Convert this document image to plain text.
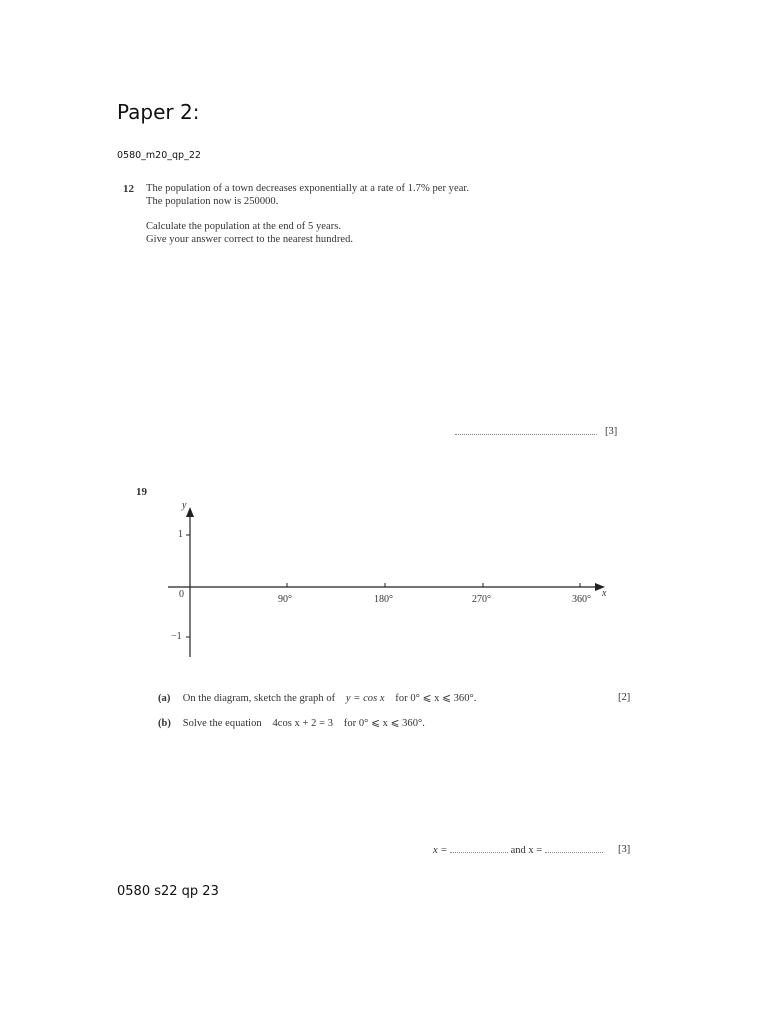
Paper 2:
0580_m20_qp_22
12 The population of a town decreases exponentially at a rate of 1.7% per year.
The population now is 250000.
Calculate the population at the end of 5 years.
Give your answer correct to the nearest hundred.
[3]
19
y
x
0
1
−1
90°	180°	270°	360°
(a) On the diagram, sketch the graph of y = cos x for 0° ⩽ x ⩽ 360°.	[2]
(b) Solve the equation 4cos x + 2 = 3 for 0° ⩽ x ⩽ 360°.
x =	and x =	[3]
0580 s22 qp 23
